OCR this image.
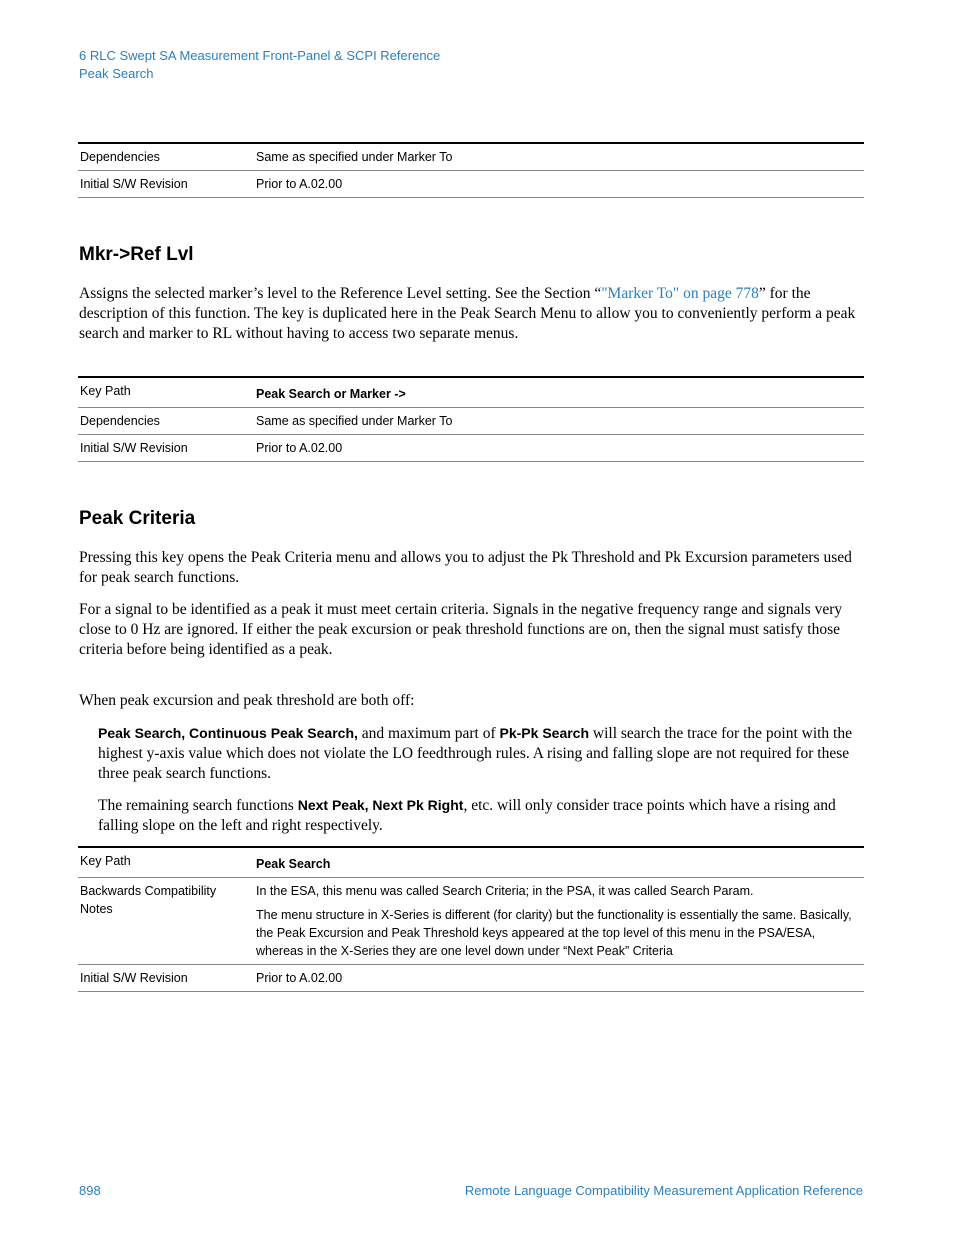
6 RLC Swept SA Measurement Front-Panel & SCPI Reference
Peak Search
Dependencies	Same as specified under Marker To
Initial S/W Revision	Prior to A.02.00
Mkr->Ref Lvl

Assigns the selected marker’s level to the Reference Level setting. See the Section “"Marker To" on page 778” for the description of this function. The key is duplicated here in the Peak Search Menu to allow you to conveniently perform a peak search and marker to RL without having to access two separate menus.

Key Path	Peak Search or Marker ->
Dependencies	Same as specified under Marker To
Initial S/W Revision	Prior to A.02.00
Peak Criteria

Pressing this key opens the Peak Criteria menu and allows you to adjust the Pk Threshold and Pk Excursion parameters used for peak search functions.

For a signal to be identified as a peak it must meet certain criteria. Signals in the negative frequency range and signals very close to 0 Hz are ignored. If either the peak excursion or peak threshold functions are on, then the signal must satisfy those criteria before being identified as a peak.

When peak excursion and peak threshold are both off:

Peak Search, Continuous Peak Search, and maximum part of Pk-Pk Search will search the trace for the point with the highest y-axis value which does not violate the LO feedthrough rules. A rising and falling slope are not required for these three peak search functions.

The remaining search functions Next Peak, Next Pk Right, etc. will only consider trace points which have a rising and falling slope on the left and right respectively.

Key Path	Peak Search
Backwards Compatibility Notes	In the ESA, this menu was called Search Criteria; in the PSA, it was called Search Param.
The menu structure in X-Series is different (for clarity) but the functionality is essentially the same. Basically, the Peak Excursion and Peak Threshold keys appeared at the top level of this menu in the PSA/ESA, whereas in the X-Series they are one level down under “Next Peak” Criteria

Initial S/W Revision	Prior to A.02.00
898	Remote Language Compatibility Measurement Application Reference
